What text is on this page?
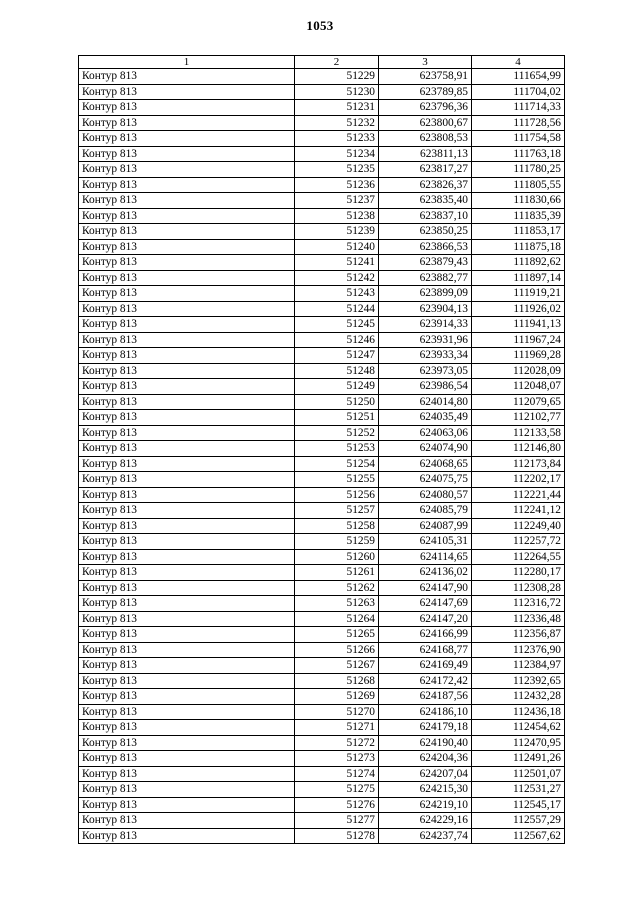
1053
1	2	3	4
Контур 813	51229	623758,91	111654,99
Контур 813	51230	623789,85	111704,02
Контур 813	51231	623796,36	111714,33
Контур 813	51232	623800,67	111728,56
Контур 813	51233	623808,53	111754,58
Контур 813	51234	623811,13	111763,18
Контур 813	51235	623817,27	111780,25
Контур 813	51236	623826,37	111805,55
Контур 813	51237	623835,40	111830,66
Контур 813	51238	623837,10	111835,39
Контур 813	51239	623850,25	111853,17
Контур 813	51240	623866,53	111875,18
Контур 813	51241	623879,43	111892,62
Контур 813	51242	623882,77	111897,14
Контур 813	51243	623899,09	111919,21
Контур 813	51244	623904,13	111926,02
Контур 813	51245	623914,33	111941,13
Контур 813	51246	623931,96	111967,24
Контур 813	51247	623933,34	111969,28
Контур 813	51248	623973,05	112028,09
Контур 813	51249	623986,54	112048,07
Контур 813	51250	624014,80	112079,65
Контур 813	51251	624035,49	112102,77
Контур 813	51252	624063,06	112133,58
Контур 813	51253	624074,90	112146,80
Контур 813	51254	624068,65	112173,84
Контур 813	51255	624075,75	112202,17
Контур 813	51256	624080,57	112221,44
Контур 813	51257	624085,79	112241,12
Контур 813	51258	624087,99	112249,40
Контур 813	51259	624105,31	112257,72
Контур 813	51260	624114,65	112264,55
Контур 813	51261	624136,02	112280,17
Контур 813	51262	624147,90	112308,28
Контур 813	51263	624147,69	112316,72
Контур 813	51264	624147,20	112336,48
Контур 813	51265	624166,99	112356,87
Контур 813	51266	624168,77	112376,90
Контур 813	51267	624169,49	112384,97
Контур 813	51268	624172,42	112392,65
Контур 813	51269	624187,56	112432,28
Контур 813	51270	624186,10	112436,18
Контур 813	51271	624179,18	112454,62
Контур 813	51272	624190,40	112470,95
Контур 813	51273	624204,36	112491,26
Контур 813	51274	624207,04	112501,07
Контур 813	51275	624215,30	112531,27
Контур 813	51276	624219,10	112545,17
Контур 813	51277	624229,16	112557,29
Контур 813	51278	624237,74	112567,62
